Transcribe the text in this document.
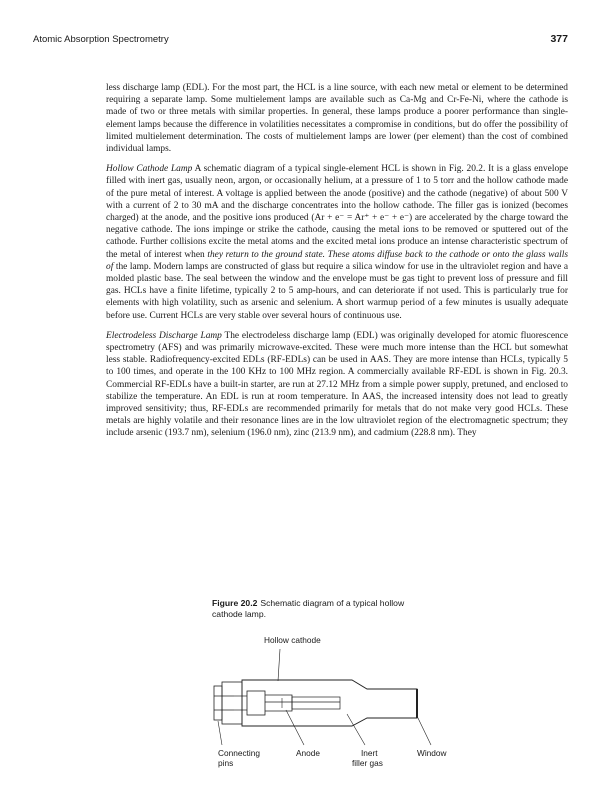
Atomic Absorption Spectrometry	377

less discharge lamp (EDL). For the most part, the HCL is a line source, with each new metal or element to be determined requiring a separate lamp. Some multielement lamps are available such as Ca-Mg and Cr-Fe-Ni, where the cathode is made of two or three metals with similar properties. In general, these lamps produce a poorer performance than single-element lamps because the difference in volatilities necessitates a compromise in conditions, but do offer the possibility of limited multielement determination. The costs of multielement lamps are lower (per element) than the cost of combined individual lamps.

Hollow Cathode Lamp A schematic diagram of a typical single-element HCL is shown in Fig. 20.2. It is a glass envelope filled with inert gas, usually neon, argon, or occasionally helium, at a pressure of 1 to 5 torr and the hollow cathode made of the pure metal of interest. A voltage is applied between the anode (positive) and the cathode (negative) of about 500 V with a current of 2 to 30 mA and the discharge concentrates into the hollow cathode. The filler gas is ionized (becomes charged) at the anode, and the positive ions produced (Ar + e⁻ = Ar⁺ + e⁻ + e⁻) are accelerated by the charge toward the negative cathode. The ions impinge or strike the cathode, causing the metal ions to be removed or sputtered out of the cathode. Further collisions excite the metal atoms and the excited metal ions produce an intense characteristic spectrum of the metal of interest when they return to the ground state. These atoms diffuse back to the cathode or onto the glass walls of the lamp. Modern lamps are constructed of glass but require a silica window for use in the ultraviolet region and have a molded plastic base. The seal between the window and the envelope must be gas tight to prevent loss of pressure and fill gas. HCLs have a finite lifetime, typically 2 to 5 amp-hours, and can deteriorate if not used. This is particularly true for elements with high volatility, such as arsenic and selenium. A short warmup period of a few minutes is usually adequate before use. Current HCLs are very stable over several hours of continuous use.

Electrodeless Discharge Lamp The electrodeless discharge lamp (EDL) was originally developed for atomic fluorescence spectrometry (AFS) and was primarily microwave-excited. These were much more intense than the HCL but somewhat less stable. Radiofrequency-excited EDLs (RF-EDLs) can be used in AAS. They are more intense than HCLs, typically 5 to 100 times, and operate in the 100 KHz to 100 MHz region. A commercially available RF-EDL is shown in Fig. 20.3. Commercial RF-EDLs have a built-in starter, are run at 27.12 MHz from a simple power supply, pretuned, and enclosed to stabilize the temperature. An EDL is run at room temperature. In AAS, the increased intensity does not lead to greatly improved sensitivity; thus, RF-EDLs are recommended primarily for metals that do not make very good HCLs. These metals are highly volatile and their resonance lines are in the low ultraviolet region of the electromagnetic spectrum; they include arsenic (193.7 nm), selenium (196.0 nm), zinc (213.9 nm), and cadmium (228.8 nm). They

Figure 20.2 Schematic diagram of a typical hollow cathode lamp.
Hollow cathode
Connecting
pins
Anode	Inert
filler gas
Window
